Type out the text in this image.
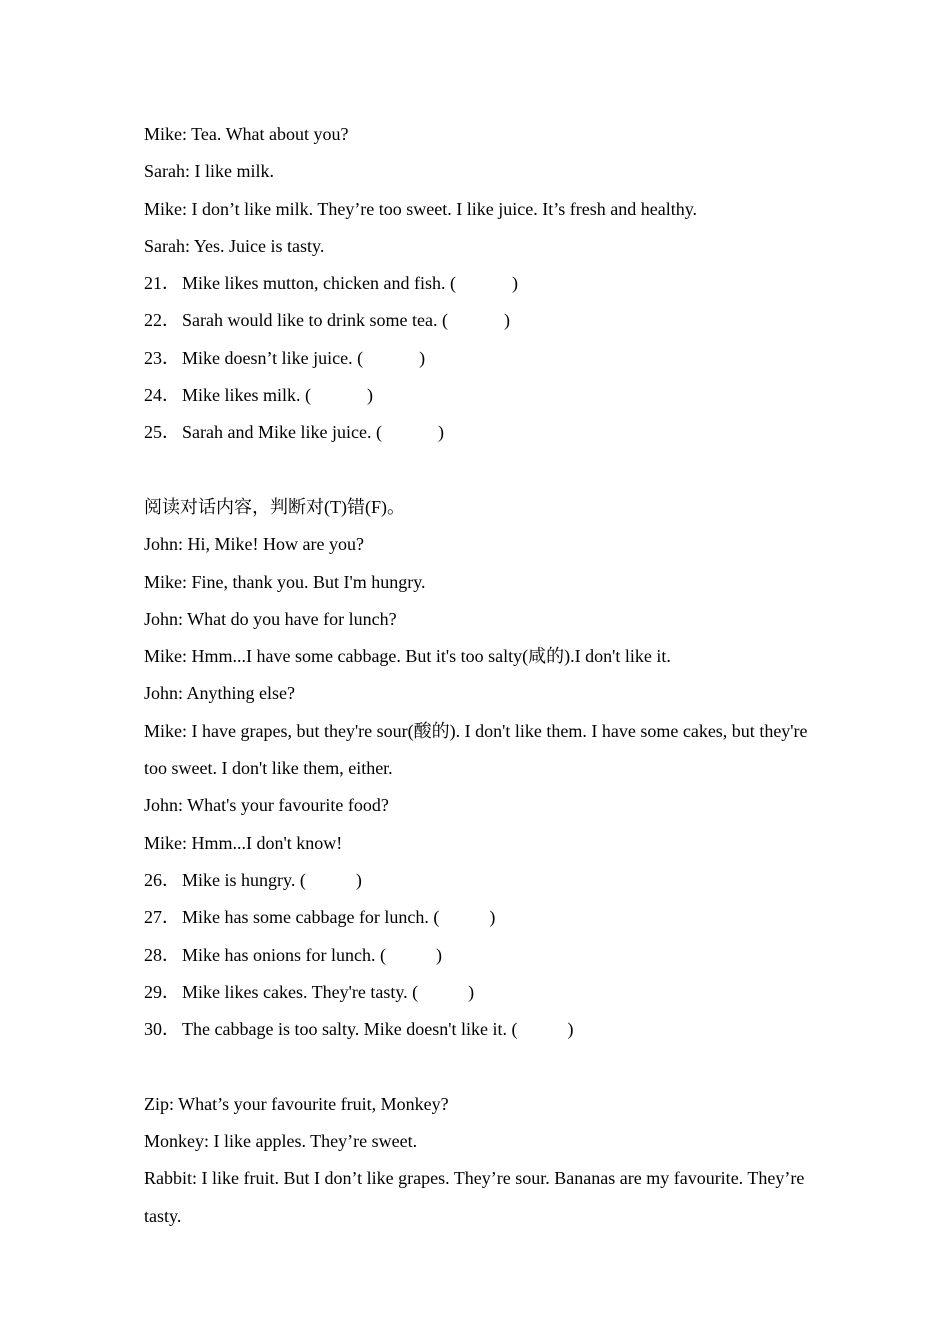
Mike: Tea. What about you?
Sarah: I like milk.
Mike: I don’t like milk. They’re too sweet. I like juice. It’s fresh and healthy.
Sarah: Yes. Juice is tasty.
21． Mike likes mutton, chicken and fish. (	)
22． Sarah would like to drink some tea. (	)
23． Mike doesn’t like juice. (	)
24． Mike likes milk. (	)
25． Sarah and Mike like juice. (	)
阅读对话内容，判断对(T)错(F)。
John: Hi, Mike! How are you?
Mike: Fine, thank you. But I'm hungry.
John: What do you have for lunch?
Mike: Hmm...I have some cabbage. But it's too salty(咸的).I don't like it.
John: Anything else?
Mike: I have grapes, but they're sour(酸的). I don't like them. I have some cakes, but they're too sweet. I don't like them, either.
John: What's your favourite food?
Mike: Hmm...I don't know!
26． Mike is hungry. (	)
27． Mike has some cabbage for lunch. (	)
28． Mike has onions for lunch. (	)
29． Mike likes cakes. They're tasty. (	)
30． The cabbage is too salty. Mike doesn't like it. (	)
Zip: What’s your favourite fruit, Monkey?
Monkey: I like apples. They’re sweet.
Rabbit: I like fruit. But I don’t like grapes. They’re sour. Bananas are my favourite. They’re tasty.
